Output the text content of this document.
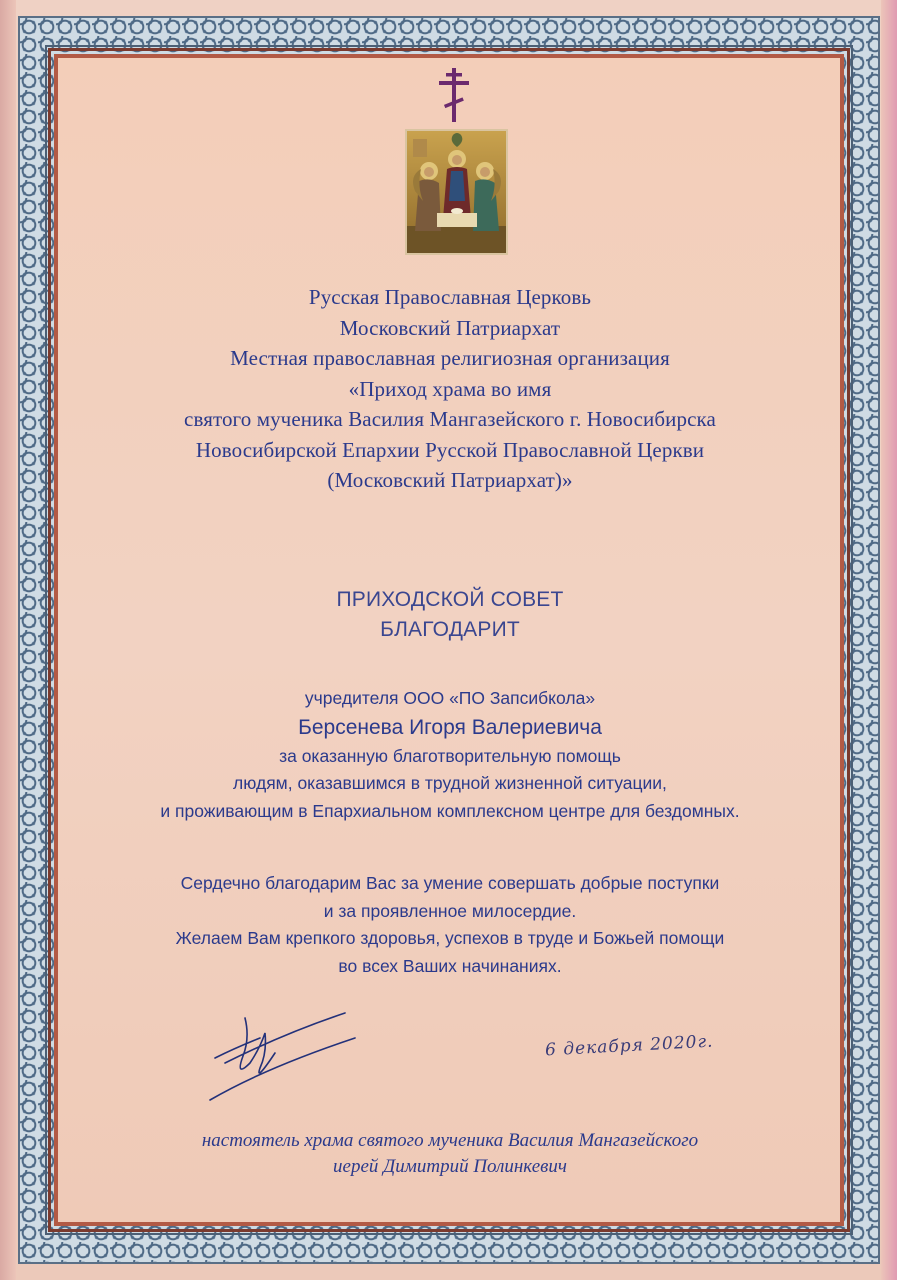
Русская Православная Церковь

Московский Патриархат

Местная православная религиозная организация

«Приход храма во имя

святого мученика Василия Мангазейского г. Новосибирска

Новосибирской Епархии Русской Православной Церкви

(Московский Патриархат)»

ПРИХОДСКОЙ СОВЕТ

БЛАГОДАРИТ

учредителя ООО «ПО Запсибкола»

Берсенева Игоря Валериевича

за оказанную благотворительную помощь

людям, оказавшимся в трудной жизненной ситуации,

и проживающим в Епархиальном комплексном центре для бездомных.

Сердечно благодарим Вас за умение совершать добрые поступки

и за проявленное милосердие.

Желаем Вам крепкого здоровья, успехов в труде и Божьей помощи

во всех Ваших начинаниях.

6 декабря 2020г.

настоятель храма святого мученика Василия Мангазейского

иерей Димитрий Полинкевич
